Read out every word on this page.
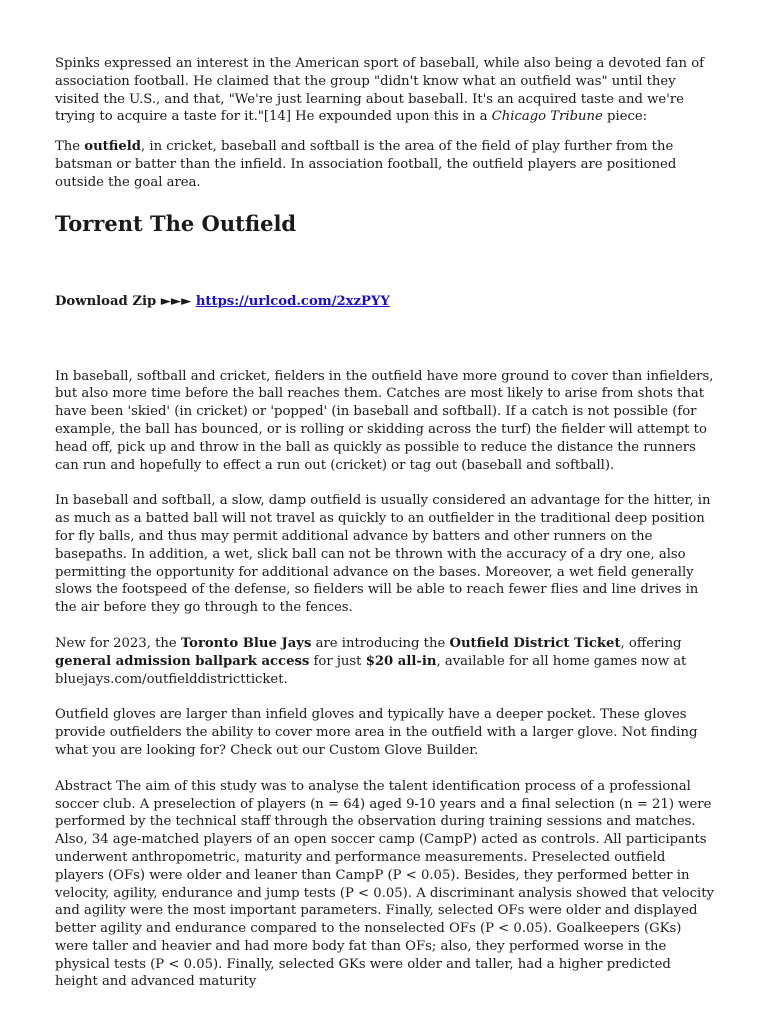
Spinks expressed an interest in the American sport of baseball, while also being a devoted fan of association football. He claimed that the group "didn't know what an outfield was" until they visited the U.S., and that, "We're just learning about baseball. It's an acquired taste and we're trying to acquire a taste for it."[14] He expounded upon this in a Chicago Tribune piece:

The outfield, in cricket, baseball and softball is the area of the field of play further from the batsman or batter than the infield. In association football, the outfield players are positioned outside the goal area.

Torrent The Outfield
Download Zip ►►► https://urlcod.com/2xzPYY

In baseball, softball and cricket, fielders in the outfield have more ground to cover than infielders, but also more time before the ball reaches them. Catches are most likely to arise from shots that have been 'skied' (in cricket) or 'popped' (in baseball and softball). If a catch is not possible (for example, the ball has bounced, or is rolling or skidding across the turf) the fielder will attempt to head off, pick up and throw in the ball as quickly as possible to reduce the distance the runners can run and hopefully to effect a run out (cricket) or tag out (baseball and softball).

In baseball and softball, a slow, damp outfield is usually considered an advantage for the hitter, in as much as a batted ball will not travel as quickly to an outfielder in the traditional deep position for fly balls, and thus may permit additional advance by batters and other runners on the basepaths. In addition, a wet, slick ball can not be thrown with the accuracy of a dry one, also permitting the opportunity for additional advance on the bases. Moreover, a wet field generally slows the footspeed of the defense, so fielders will be able to reach fewer flies and line drives in the air before they go through to the fences.

New for 2023, the Toronto Blue Jays are introducing the Outfield District Ticket, offering general admission ballpark access for just $20 all-in, available for all home games now at bluejays.com/outfielddistrictticket.

Outfield gloves are larger than infield gloves and typically have a deeper pocket. These gloves provide outfielders the ability to cover more area in the outfield with a larger glove. Not finding what you are looking for? Check out our Custom Glove Builder.

Abstract The aim of this study was to analyse the talent identification process of a professional soccer club. A preselection of players (n = 64) aged 9-10 years and a final selection (n = 21) were performed by the technical staff through the observation during training sessions and matches. Also, 34 age-matched players of an open soccer camp (CampP) acted as controls. All participants underwent anthropometric, maturity and performance measurements. Preselected outfield players (OFs) were older and leaner than CampP (P < 0.05). Besides, they performed better in velocity, agility, endurance and jump tests (P < 0.05). A discriminant analysis showed that velocity and agility were the most important parameters. Finally, selected OFs were older and displayed better agility and endurance compared to the nonselected OFs (P < 0.05). Goalkeepers (GKs) were taller and heavier and had more body fat than OFs; also, they performed worse in the physical tests (P < 0.05). Finally, selected GKs were older and taller, had a higher predicted height and advanced maturity
